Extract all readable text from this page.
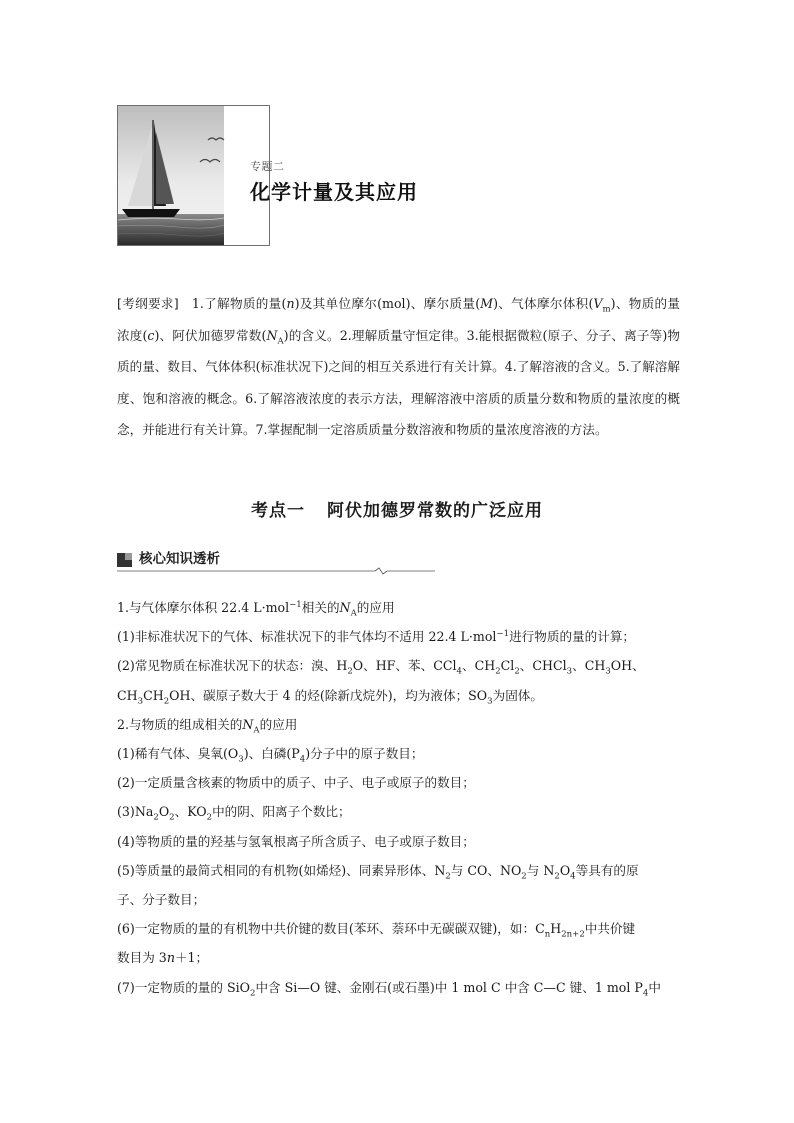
专题二
化学计量及其应用
[考纲要求]　1.了解物质的量(n)及其单位摩尔(mol)、摩尔质量(M)、气体摩尔体积$(V_m)$、物质的量浓度(c)、阿伏加德罗常数$(N_A)$的含义。2.理解质量守恒定律。3.能根据微粒(原子、分子、离子等)物质的量、数目、气体体积(标准状况下)之间的相互关系进行有关计算。4.了解溶液的含义。5.了解溶解度、饱和溶液的概念。6.了解溶液浓度的表示方法，理解溶液中溶质的质量分数和物质的量浓度的概念，并能进行有关计算。7.掌握配制一定溶质质量分数溶液和物质的量浓度溶液的方法。
考点一 阿伏加德罗常数的广泛应用
核心知识透析
1.与气体摩尔体积 22.4 L·mol$^{-1}$相关的$N_A$的应用
(1)非标准状况下的气体、标准状况下的非气体均不适用 22.4 L·mol$^{-1}$进行物质的量的计算；
(2)常见物质在标准状况下的状态：溴、$H_2O$、HF、苯、CCl$_4$、$CH_2Cl_2$、CHCl$_3$、$CH_3OH$、
$CH_3CH_2OH$、碳原子数大于 4 的烃(除新戊烷外)，均为液体；$SO_3$为固体。
2.与物质的组成相关的$N_A$的应用
(1)稀有气体、臭氧$(O_3)$、白磷$(P_4)$分子中的原子数目；
(2)一定质量含核素的物质中的质子、中子、电子或原子的数目；
$(3)Na_2O_2$、$KO_2$中的阴、阳离子个数比；
(4)等物质的量的羟基与氢氧根离子所含质子、电子或原子数目；
(5)等质量的最简式相同的有机物(如烯烃)、同素异形体、$N_2$与 CO、$NO_2$与 $N_2O_4$等具有的原
子、分子数目；
(6)一定物质的量的有机物中共价键的数目(苯环、萘环中无碳碳双键)，如：$C_nH_{2n+2}$中共价键
数目为 3n＋1；
(7)一定物质的量的 SiO$_2$中含 Si—O 键、金刚石(或石墨)中 1 mol C 中含 C—C 键、1 mol $P_4$中
